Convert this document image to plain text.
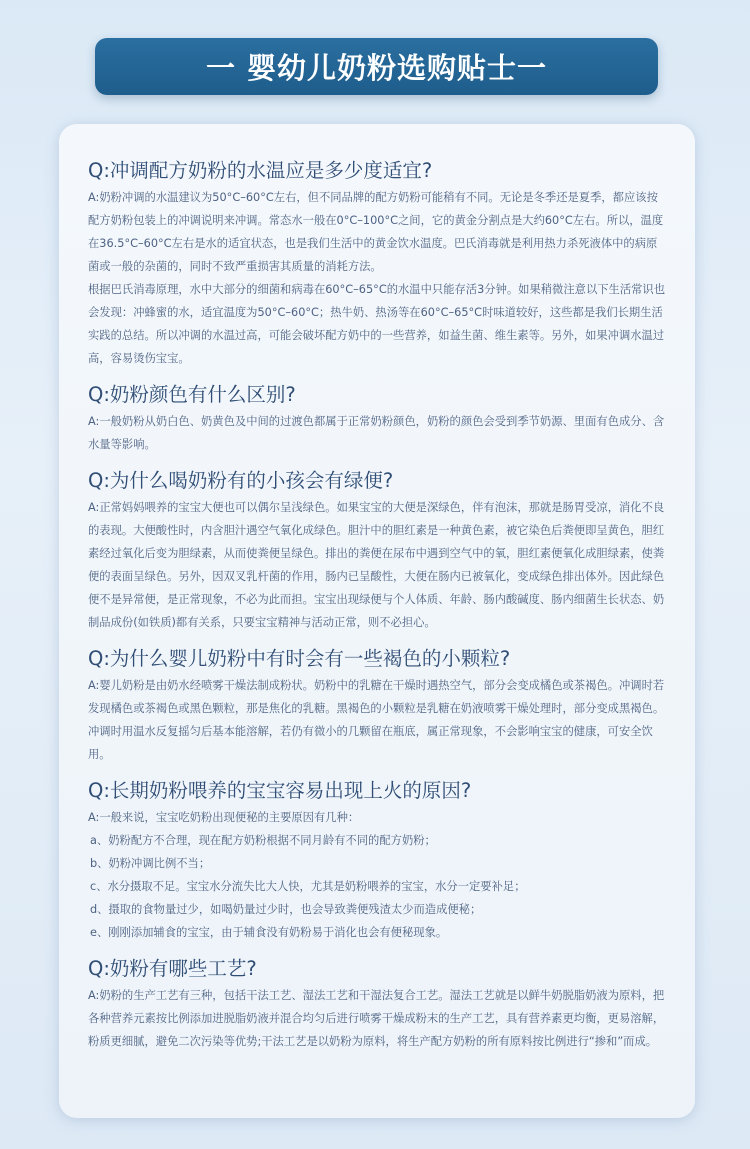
一 婴幼儿奶粉选购贴士一
Q:冲调配方奶粉的水温应是多少度适宜?

A:奶粉冲调的水温建议为50°C–60°C左右，但不同品牌的配方奶粉可能稍有不同。无论是冬季还是夏季，都应该按配方奶粉包装上的冲调说明来冲调。常态水一般在0°C–100°C之间，它的黄金分割点是大约60°C左右。所以，温度在36.5°C–60°C左右是水的适宜状态，也是我们生活中的黄金饮水温度。巴氏消毒就是利用热力杀死液体中的病原菌或一般的杂菌的，同时不致严重损害其质量的消耗方法。

根据巴氏消毒原理，水中大部分的细菌和病毒在60°C–65°C的水温中只能存活3分钟。如果稍微注意以下生活常识也会发现：冲蜂蜜的水，适宜温度为50°C–60°C；热牛奶、热汤等在60°C–65°C时味道较好，这些都是我们长期生活实践的总结。所以冲调的水温过高，可能会破坏配方奶中的一些营养，如益生菌、维生素等。另外，如果冲调水温过高，容易烫伤宝宝。

Q:奶粉颜色有什么区别?

A:一般奶粉从奶白色、奶黄色及中间的过渡色都属于正常奶粉颜色，奶粉的颜色会受到季节奶源、里面有色成分、含水量等影响。

Q:为什么喝奶粉有的小孩会有绿便?

A:正常妈妈喂养的宝宝大便也可以偶尔呈浅绿色。如果宝宝的大便是深绿色，伴有泡沫，那就是肠胃受凉，消化不良的表现。大便酸性时，内含胆汁遇空气氧化成绿色。胆汁中的胆红素是一种黄色素，被它染色后粪便即呈黄色，胆红素经过氧化后变为胆绿素，从而使粪便呈绿色。排出的粪便在尿布中遇到空气中的氧，胆红素便氧化成胆绿素，使粪便的表面呈绿色。另外，因双叉乳杆菌的作用，肠内已呈酸性，大便在肠内已被氧化，变成绿色排出体外。因此绿色便不是异常便，是正常现象，不必为此而担。宝宝出现绿便与个人体质、年龄、肠内酸碱度、肠内细菌生长状态、奶制品成份(如铁质)都有关系，只要宝宝精神与活动正常，则不必担心。

Q:为什么婴儿奶粉中有时会有一些褐色的小颗粒?

A:婴儿奶粉是由奶水经喷雾干燥法制成粉状。奶粉中的乳糖在干燥时遇热空气，部分会变成橘色或茶褐色。冲调时若发现橘色或茶褐色或黑色颗粒，那是焦化的乳糖。黑褐色的小颗粒是乳糖在奶液喷雾干燥处理时，部分变成黑褐色。冲调时用温水反复摇匀后基本能溶解，若仍有微小的几颗留在瓶底，属正常现象，不会影响宝宝的健康，可安全饮用。

Q:长期奶粉喂养的宝宝容易出现上火的原因?

A:一般来说，宝宝吃奶粉出现便秘的主要原因有几种：

a、奶粉配方不合理，现在配方奶粉根据不同月龄有不同的配方奶粉；

b、奶粉冲调比例不当；

c、水分摄取不足。宝宝水分流失比大人快，尤其是奶粉喂养的宝宝，水分一定要补足；

d、摄取的食物量过少，如喝奶量过少时，也会导致粪便残渣太少而造成便秘；

e、刚刚添加辅食的宝宝，由于辅食没有奶粉易于消化也会有便秘现象。

Q:奶粉有哪些工艺?

A:奶粉的生产工艺有三种，包括干法工艺、湿法工艺和干湿法复合工艺。湿法工艺就是以鲜牛奶脱脂奶液为原料，把各种营养元素按比例添加进脱脂奶液并混合均匀后进行喷雾干燥成粉末的生产工艺，具有营养素更均衡，更易溶解，粉质更细腻，避免二次污染等优势;干法工艺是以奶粉为原料，将生产配方奶粉的所有原料按比例进行“掺和”而成。
